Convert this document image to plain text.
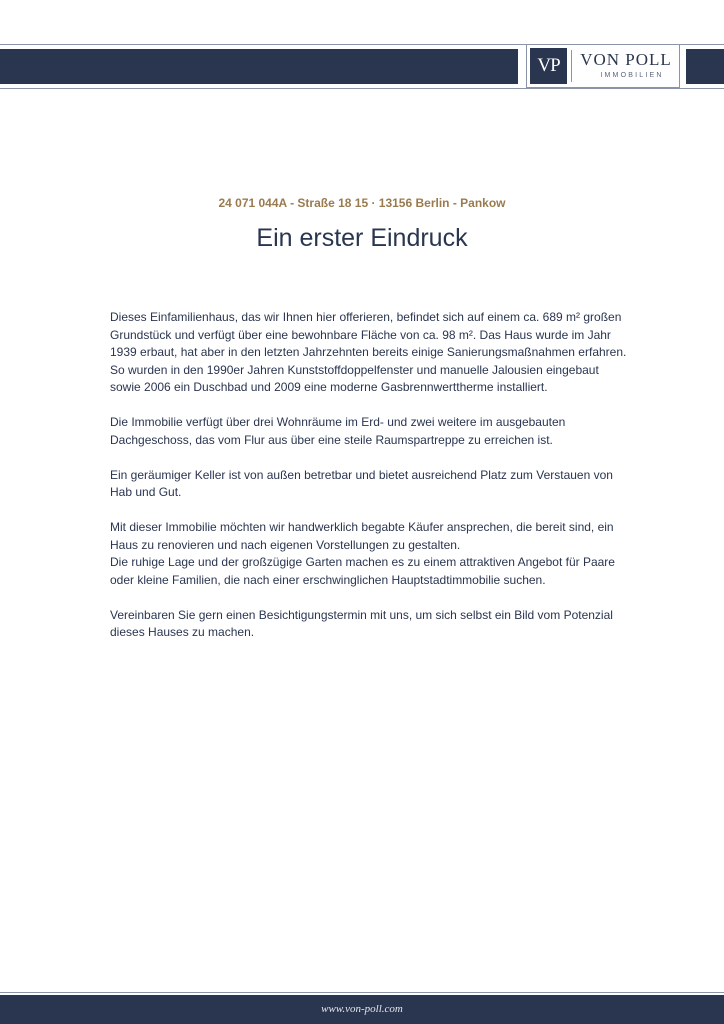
VP	VON POLL
IMMOBILIEN
24 071 044A - Straße 18 15 · 13156 Berlin - Pankow
Ein erster Eindruck

Dieses Einfamilienhaus, das wir Ihnen hier offerieren, befindet sich auf einem ca. 689 m² großen Grundstück und verfügt über eine bewohnbare Fläche von ca. 98 m². Das Haus wurde im Jahr 1939 erbaut, hat aber in den letzten Jahrzehnten bereits einige Sanierungsmaßnahmen erfahren. So wurden in den 1990er Jahren Kunststoffdoppelfenster und manuelle Jalousien eingebaut sowie 2006 ein Duschbad und 2009 eine moderne Gasbrennwerttherme installiert.

Die Immobilie verfügt über drei Wohnräume im Erd- und zwei weitere im ausgebauten Dachgeschoss, das vom Flur aus über eine steile Raumspartreppe zu erreichen ist.

Ein geräumiger Keller ist von außen betretbar und bietet ausreichend Platz zum Verstauen von Hab und Gut.

Mit dieser Immobilie möchten wir handwerklich begabte Käufer ansprechen, die bereit sind, ein Haus zu renovieren und nach eigenen Vorstellungen zu gestalten.

Die ruhige Lage und der großzügige Garten machen es zu einem attraktiven Angebot für Paare oder kleine Familien, die nach einer erschwinglichen Hauptstadtimmobilie suchen.

Vereinbaren Sie gern einen Besichtigungstermin mit uns, um sich selbst ein Bild vom Potenzial dieses Hauses zu machen.

www.von-poll.com
